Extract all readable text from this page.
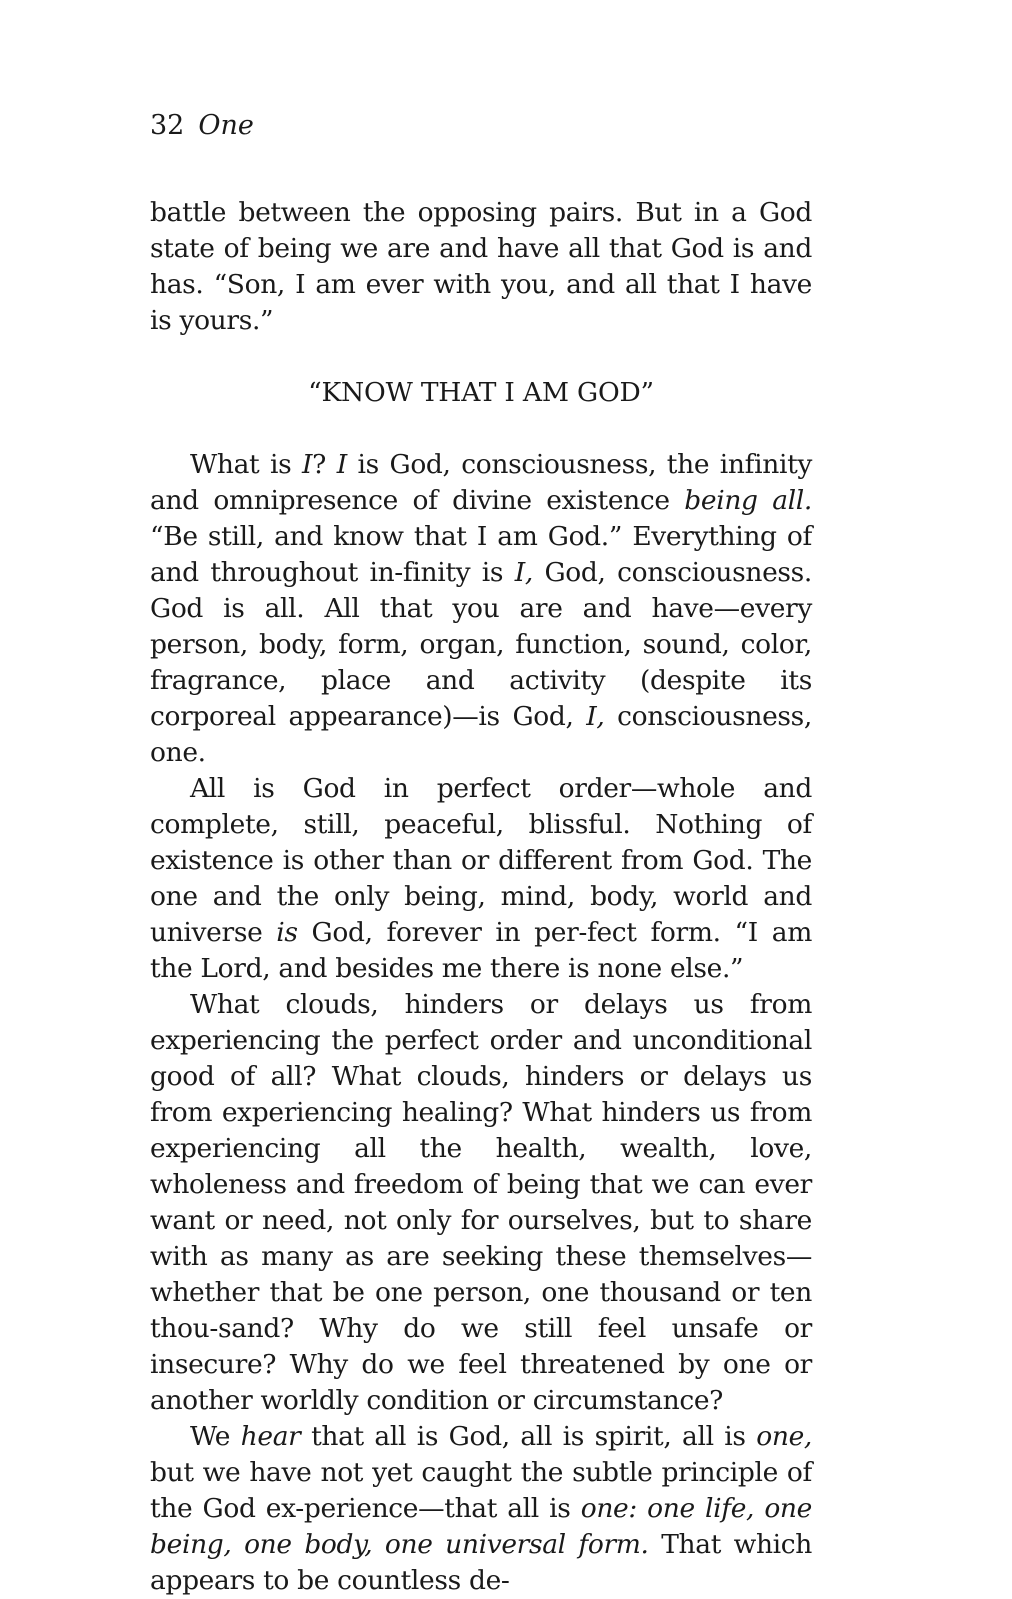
32 One

battle between the opposing pairs. But in a God state of being we are and have all that God is and has. “Son, I am ever with you, and all that I have is yours.”

“KNOW THAT I AM GOD”

What is I? I is God, consciousness, the infinity and omnipresence of divine existence being all. “Be still, and know that I am God.” Everything of and throughout in-finity is I, God, consciousness. God is all. All that you are and have—every person, body, form, organ, function, sound, color, fragrance, place and activity (despite its corporeal appearance)—is God, I, consciousness, one.

All is God in perfect order—whole and complete, still, peaceful, blissful. Nothing of existence is other than or different from God. The one and the only being, mind, body, world and universe is God, forever in per-fect form. “I am the Lord, and besides me there is none else.”

What clouds, hinders or delays us from experiencing the perfect order and unconditional good of all? What clouds, hinders or delays us from experiencing healing? What hinders us from experiencing all the health, wealth, love, wholeness and freedom of being that we can ever want or need, not only for ourselves, but to share with as many as are seeking these themselves—whether that be one person, one thousand or ten thou-sand? Why do we still feel unsafe or insecure? Why do we feel threatened by one or another worldly condition or circumstance?

We hear that all is God, all is spirit, all is one, but we have not yet caught the subtle principle of the God ex-perience—that all is one: one life, one being, one body, one universal form. That which appears to be countless de-
